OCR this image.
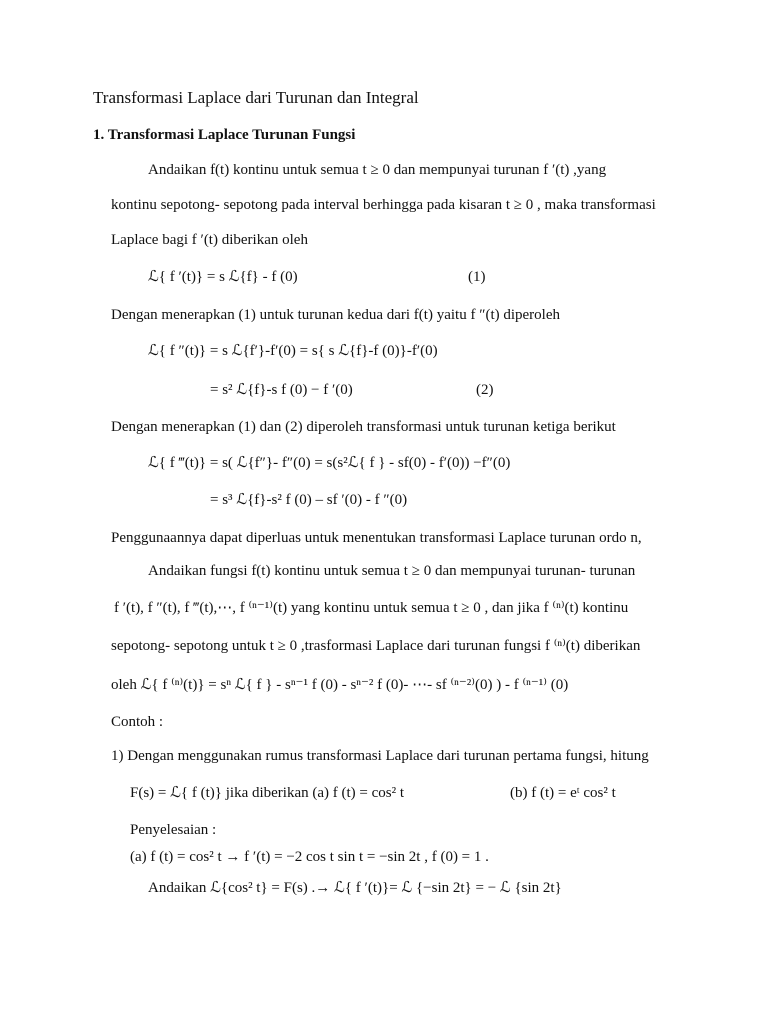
Transformasi Laplace dari Turunan dan Integral
1. Transformasi Laplace Turunan Fungsi
Andaikan f(t) kontinu untuk semua t ≥ 0 dan mempunyai turunan f ′(t) ,yang
kontinu sepotong- sepotong pada interval berhingga pada kisaran t ≥ 0 , maka transformasi
Laplace bagi f ′(t) diberikan oleh
ℒ{ f ′(t)} = s ℒ{f} - f (0)	(1)
Dengan menerapkan (1) untuk turunan kedua dari f(t) yaitu f ″(t) diperoleh
ℒ{ f ″(t)} = s ℒ{f′}-f′(0) = s{ s ℒ{f}-f (0)}-f′(0)
= s² ℒ{f}-s f (0) − f ′(0)	(2)
Dengan menerapkan (1) dan (2) diperoleh transformasi untuk turunan ketiga berikut
ℒ{ f ‴(t)} = s( ℒ{f″}- f″(0) = s(s²ℒ{ f } - sf(0) - f′(0)) −f″(0)
= s³ ℒ{f}-s² f (0) – sf ′(0) - f ″(0)
Penggunaannya dapat diperluas untuk menentukan transformasi Laplace turunan ordo n,
Andaikan fungsi f(t) kontinu untuk semua t ≥ 0 dan mempunyai turunan- turunan
f ′(t), f ″(t), f ‴(t),⋯, f ⁽ⁿ⁻¹⁾(t) yang kontinu untuk semua t ≥ 0 , dan jika f ⁽ⁿ⁾(t) kontinu
sepotong- sepotong untuk t ≥ 0 ,trasformasi Laplace dari turunan fungsi f ⁽ⁿ⁾(t) diberikan
oleh ℒ{ f ⁽ⁿ⁾(t)} = sⁿ ℒ{ f } - sⁿ⁻¹ f (0) - sⁿ⁻² f (0)- ⋯- sf ⁽ⁿ⁻²⁾(0) ) - f ⁽ⁿ⁻¹⁾ (0)
Contoh :
1) Dengan menggunakan rumus transformasi Laplace dari turunan pertama fungsi, hitung
F(s) = ℒ{ f (t)} jika diberikan (a) f (t) = cos² t	(b) f (t) = eᵗ cos² t
Penyelesaian :
(a) f (t) = cos² t → f ′(t) = −2 cos t sin t = −sin 2t , f (0) = 1 .
Andaikan ℒ{cos² t} = F(s) .→ ℒ{ f ′(t)}= ℒ {−sin 2t} = − ℒ {sin 2t}
